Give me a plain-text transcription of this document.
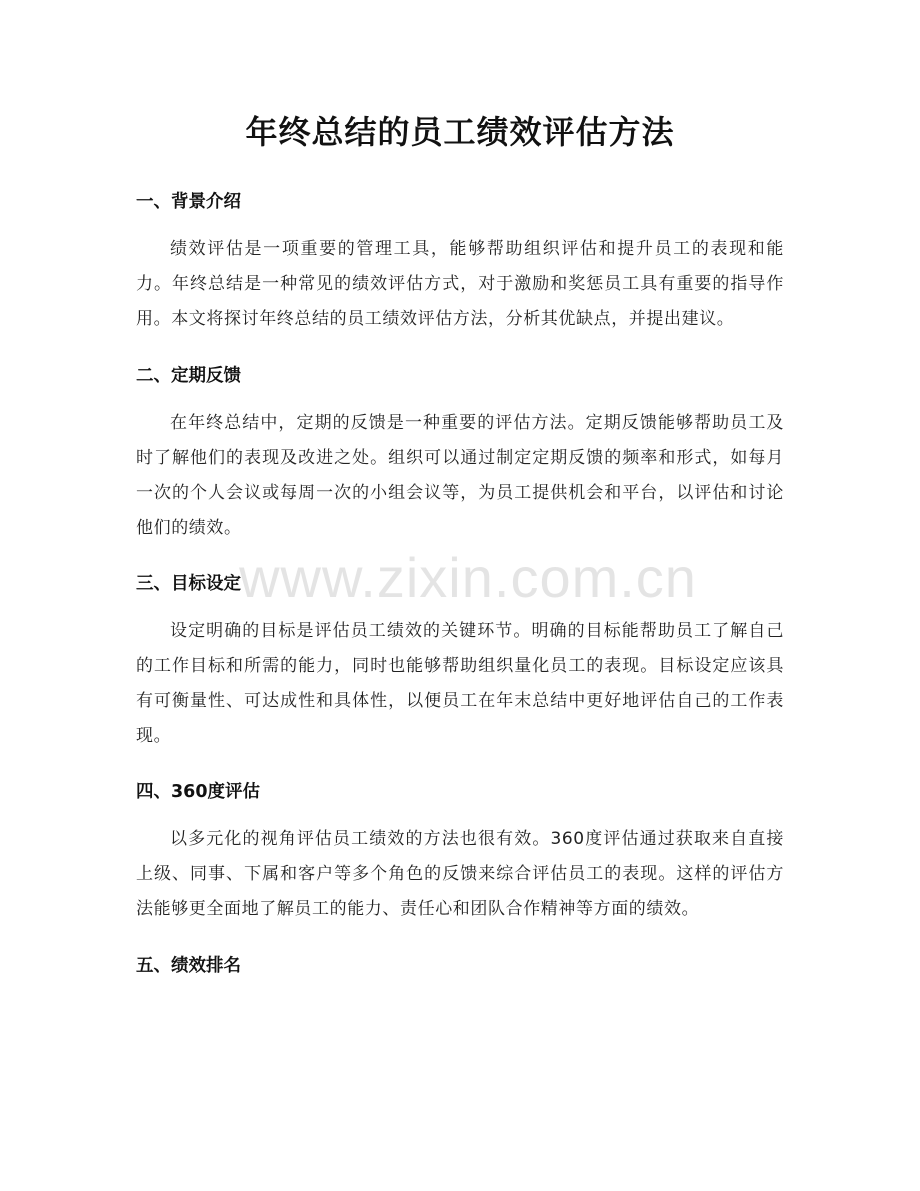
年终总结的员工绩效评估方法
一、背景介绍
绩效评估是一项重要的管理工具，能够帮助组织评估和提升员工的表现和能力。年终总结是一种常见的绩效评估方式，对于激励和奖惩员工具有重要的指导作用。本文将探讨年终总结的员工绩效评估方法，分析其优缺点，并提出建议。
二、定期反馈
在年终总结中，定期的反馈是一种重要的评估方法。定期反馈能够帮助员工及时了解他们的表现及改进之处。组织可以通过制定定期反馈的频率和形式，如每月一次的个人会议或每周一次的小组会议等，为员工提供机会和平台，以评估和讨论他们的绩效。
三、目标设定
设定明确的目标是评估员工绩效的关键环节。明确的目标能帮助员工了解自己的工作目标和所需的能力，同时也能够帮助组织量化员工的表现。目标设定应该具有可衡量性、可达成性和具体性，以便员工在年末总结中更好地评估自己的工作表现。
四、360度评估
以多元化的视角评估员工绩效的方法也很有效。360度评估通过获取来自直接上级、同事、下属和客户等多个角色的反馈来综合评估员工的表现。这样的评估方法能够更全面地了解员工的能力、责任心和团队合作精神等方面的绩效。
五、绩效排名
www.zixin.com.cn
